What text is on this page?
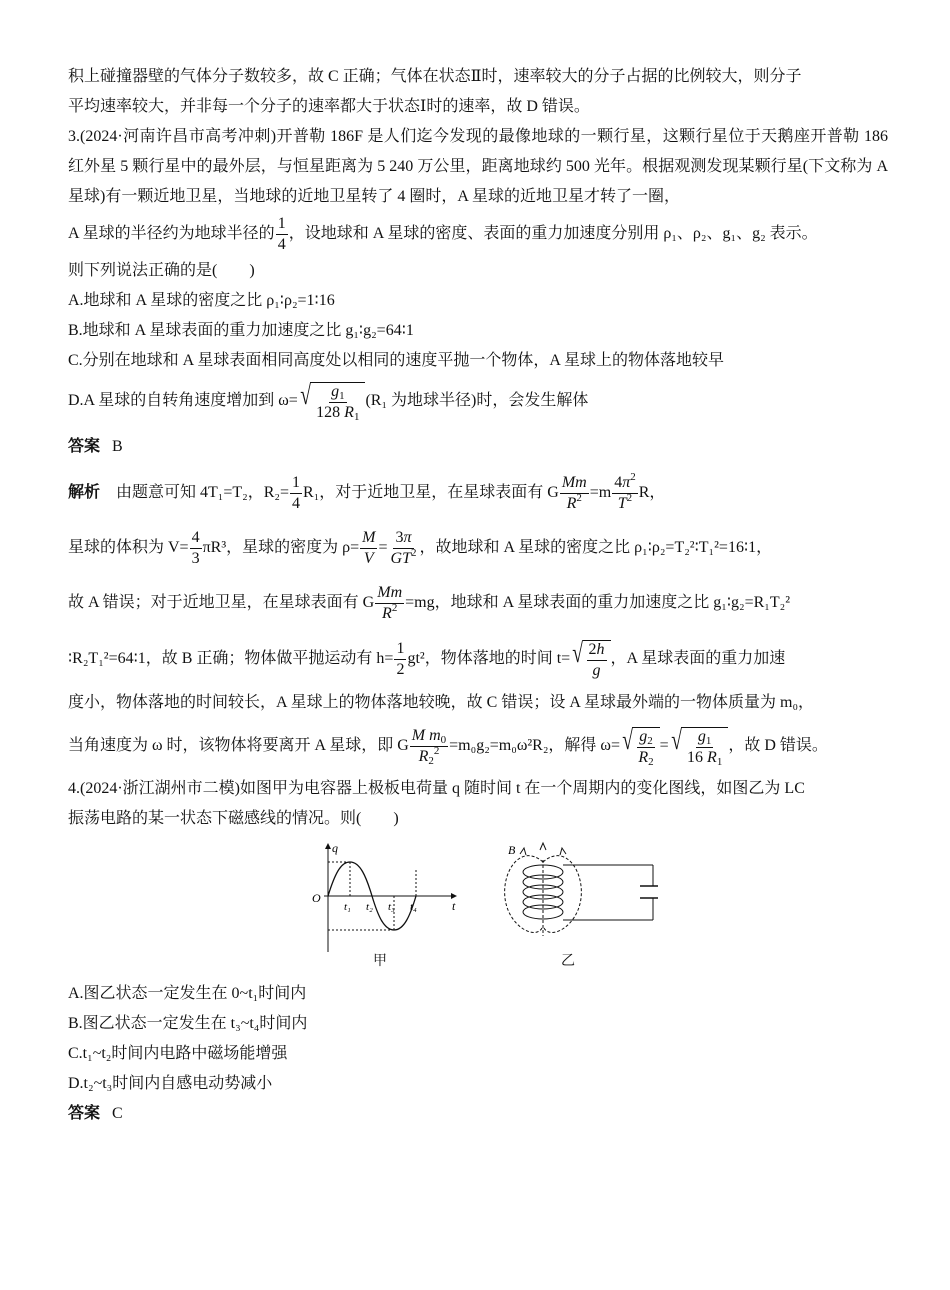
积上碰撞器壁的气体分子数较多，故 C 正确；气体在状态Ⅱ时，速率较大的分子占据的比例较大，则分子

平均速率较大，并非每一个分子的速率都大于状态Ⅰ时的速率，故 D 错误。

3.(2024·河南许昌市高考冲刺)开普勒 186F 是人们迄今发现的最像地球的一颗行星，这颗行星位于天鹅座开普勒 186 红外星 5 颗行星中的最外层，与恒星距离为 5 240 万公里，距离地球约 500 光年。根据观测发现某颗行星(下文称为 A 星球)有一颗近地卫星，当地球的近地卫星转了 4 圈时，A 星球的近地卫星才转了一圈，

A 星球的半径约为地球半径的 $\frac{1}{4}$ ，设地球和 A 星球的密度、表面的重力加速度分别用 ρ₁、ρ₂、g₁、g₂ 表示。

则下列说法正确的是(　　)

A.地球和 A 星球的密度之比 ρ₁∶ρ₂=1∶16

B.地球和 A 星球表面的重力加速度之比 g₁∶g₂=64∶1

C.分别在地球和 A 星球表面相同高度处以相同的速度平抛一个物体，A 星球上的物体落地较早

D.A 星球的自转角速度增加到 ω= √ $\frac{g_1}{128 R_1} (R_1$ 为地球半径)时，会发生解体

答案 B

解析 由题意可知 4T₁=T₂，$R_2= \frac{1}{4} R_1$，对于近地卫星，在星球表面有 G $\frac{Mm}{R^2} =m \frac{4\pi^2}{T^2}$ R，

星球的体积为 $V= \frac{4}{3} \pi R^3$，星球的密度为 $\rho= \frac{M}{V} = \frac{3\pi}{GT^2}$ ，故地球和 A 星球的密度之比 ρ₁∶ρ₂=T₂²∶T₁²=16∶1，

故 A 错误；对于近地卫星，在星球表面有 G $\frac{Mm}{R^2} =mg$，地球和 A 星球表面的重力加速度之比 g₁∶g₂=R₁T₂²

∶R₂T₁²=64∶1，故 B 正确；物体做平抛运动有 $h= \frac{1}{2} gt^2$，物体落地的时间 t= √ $\frac{2h}{g}$ ，A 星球表面的重力加速

度小，物体落地的时间较长，A 星球上的物体落地较晚，故 C 错误；设 A 星球最外端的一物体质量为 m₀，

当角速度为 ω 时，该物体将要离开 A 星球，即 G $\frac{M m_0}{R_2^2} =m_0g_2=m_0\omega^2R_2$，解得 ω= √ $\frac{g_2}{R_2}$ = √ $\frac{g_1}{16 R_1}$ ，故 D 错误。

4.(2024·浙江湖州市二模)如图甲为电容器上极板电荷量 q 随时间 t 在一个周期内的变化图线，如图乙为 LC

振荡电路的某一状态下磁感线的情况。则(　　)

q
t
O
t₁ t₂ t₃ t₄
甲
B
乙

A.图乙状态一定发生在 0~t₁时间内

B.图乙状态一定发生在 t₃~t₄时间内

C.t₁~t₂时间内电路中磁场能增强

D.t₂~t₃时间内自感电动势减小

答案 C
